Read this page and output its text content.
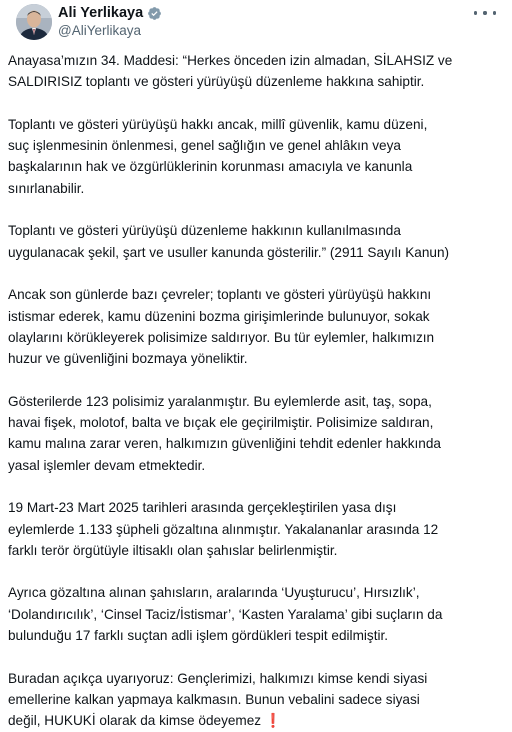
Ali Yerlikaya
@AliYerlikaya

Anayasa’mızın 34. Maddesi: “Herkes önceden izin almadan, SİLAHSIZ ve
SALDIRISIZ toplantı ve gösteri yürüyüşü düzenleme hakkına sahiptir.

Toplantı ve gösteri yürüyüşü hakkı ancak, millî güvenlik, kamu düzeni,
suç işlenmesinin önlenmesi, genel sağlığın ve genel ahlâkın veya
başkalarının hak ve özgürlüklerinin korunması amacıyla ve kanunla
sınırlanabilir.

Toplantı ve gösteri yürüyüşü düzenleme hakkının kullanılmasında
uygulanacak şekil, şart ve usuller kanunda gösterilir.” (2911 Sayılı Kanun)

Ancak son günlerde bazı çevreler; toplantı ve gösteri yürüyüşü hakkını
istismar ederek, kamu düzenini bozma girişimlerinde bulunuyor, sokak
olaylarını körükleyerek polisimize saldırıyor. Bu tür eylemler, halkımızın
huzur ve güvenliğini bozmaya yöneliktir.

Gösterilerde 123 polisimiz yaralanmıştır. Bu eylemlerde asit, taş, sopa,
havai fişek, molotof, balta ve bıçak ele geçirilmiştir. Polisimize saldıran,
kamu malına zarar veren, halkımızın güvenliğini tehdit edenler hakkında
yasal işlemler devam etmektedir.

19 Mart-23 Mart 2025 tarihleri arasında gerçekleştirilen yasa dışı
eylemlerde 1.133 şüpheli gözaltına alınmıştır. Yakalananlar arasında 12
farklı terör örgütüyle iltisaklı olan şahıslar belirlenmiştir.

Ayrıca gözaltına alınan şahısların, aralarında ‘Uyuşturucu’, Hırsızlık’,
‘Dolandırıcılık’, ‘Cinsel Taciz/İstismar’, ‘Kasten Yaralama’ gibi suçların da
bulunduğu 17 farklı suçtan adli işlem gördükleri tespit edilmiştir.

Buradan açıkça uyarıyoruz: Gençlerimizi, halkımızı kimse kendi siyasi
emellerine kalkan yapmaya kalkmasın. Bunun vebalini sadece siyasi
değil, HUKUKİ olarak da kimse ödeyemez ❗
